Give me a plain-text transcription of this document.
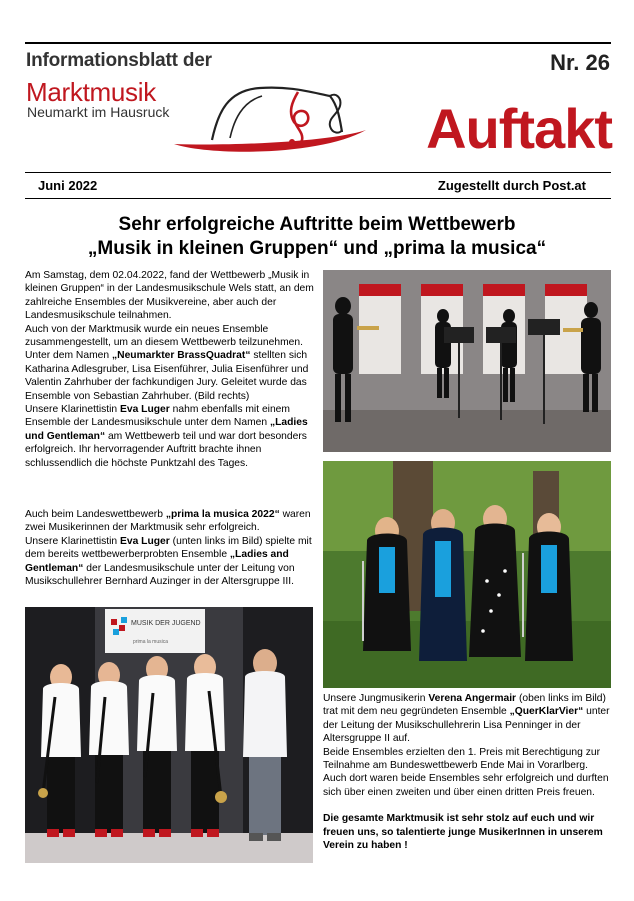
Informationsblatt der
Marktmusik
Neumarkt im Hausruck
Nr. 26
Auftakt
Juni 2022	Zugestellt durch Post.at
Sehr erfolgreiche Auftritte beim Wettbewerb
„Musik in kleinen Gruppen“ und „prima la musica“

Am Samstag, dem 02.04.2022, fand der Wettbewerb „Musik in kleinen Gruppen“ in der Landesmusikschule Wels statt, an dem zahlreiche Ensembles der Musikvereine, aber auch der Landesmusikschule teilnahmen.

Auch von der Marktmusik wurde ein neues Ensemble zusammengestellt, um an diesem Wettbewerb teilzunehmen. Unter dem Namen „Neumarkter BrassQuadrat“ stellten sich Katharina Adlesgruber, Lisa Eisenführer, Julia Eisenführer und Valentin Zahrhuber der fachkundigen Jury. Geleitet wurde das Ensemble von Sebastian Zahrhuber. (Bild rechts)

Unsere Klarinettistin Eva Luger nahm ebenfalls mit einem Ensemble der Landesmusikschule unter dem Namen „Ladies und Gentleman“ am Wettbewerb teil und war dort besonders erfolgreich. Ihr hervorragender Auftritt brachte ihnen schlussendlich die höchste Punktzahl des Tages.

Auch beim Landeswettbewerb „prima la musica 2022“ waren zwei Musikerinnen der Marktmusik sehr erfolgreich.

Unsere Klarinettistin Eva Luger (unten links im Bild) spielte mit dem bereits wettbewerberprobten Ensemble „Ladies and Gentleman“ der Landesmusikschule unter der Leitung von Musikschullehrer Bernhard Auzinger in der Altersgruppe III.

Unsere Jungmusikerin Verena Angermair (oben links im Bild) trat mit dem neu gegründeten Ensemble „QuerKlarVier“ unter der Leitung der Musikschullehrerin Lisa Penninger in der Altersgruppe II auf.

Beide Ensembles erzielten den 1. Preis mit Berechtigung zur Teilnahme am Bundeswettbewerb Ende Mai in Vorarlberg.

Auch dort waren beide Ensembles sehr erfolgreich und durften sich über einen zweiten und über einen dritten Preis freuen.

Die gesamte Marktmusik ist sehr stolz auf euch und wir freuen uns, so talentierte junge MusikerInnen in unserem Verein zu haben !

MUSIK DER JUGEND
prima la musica
